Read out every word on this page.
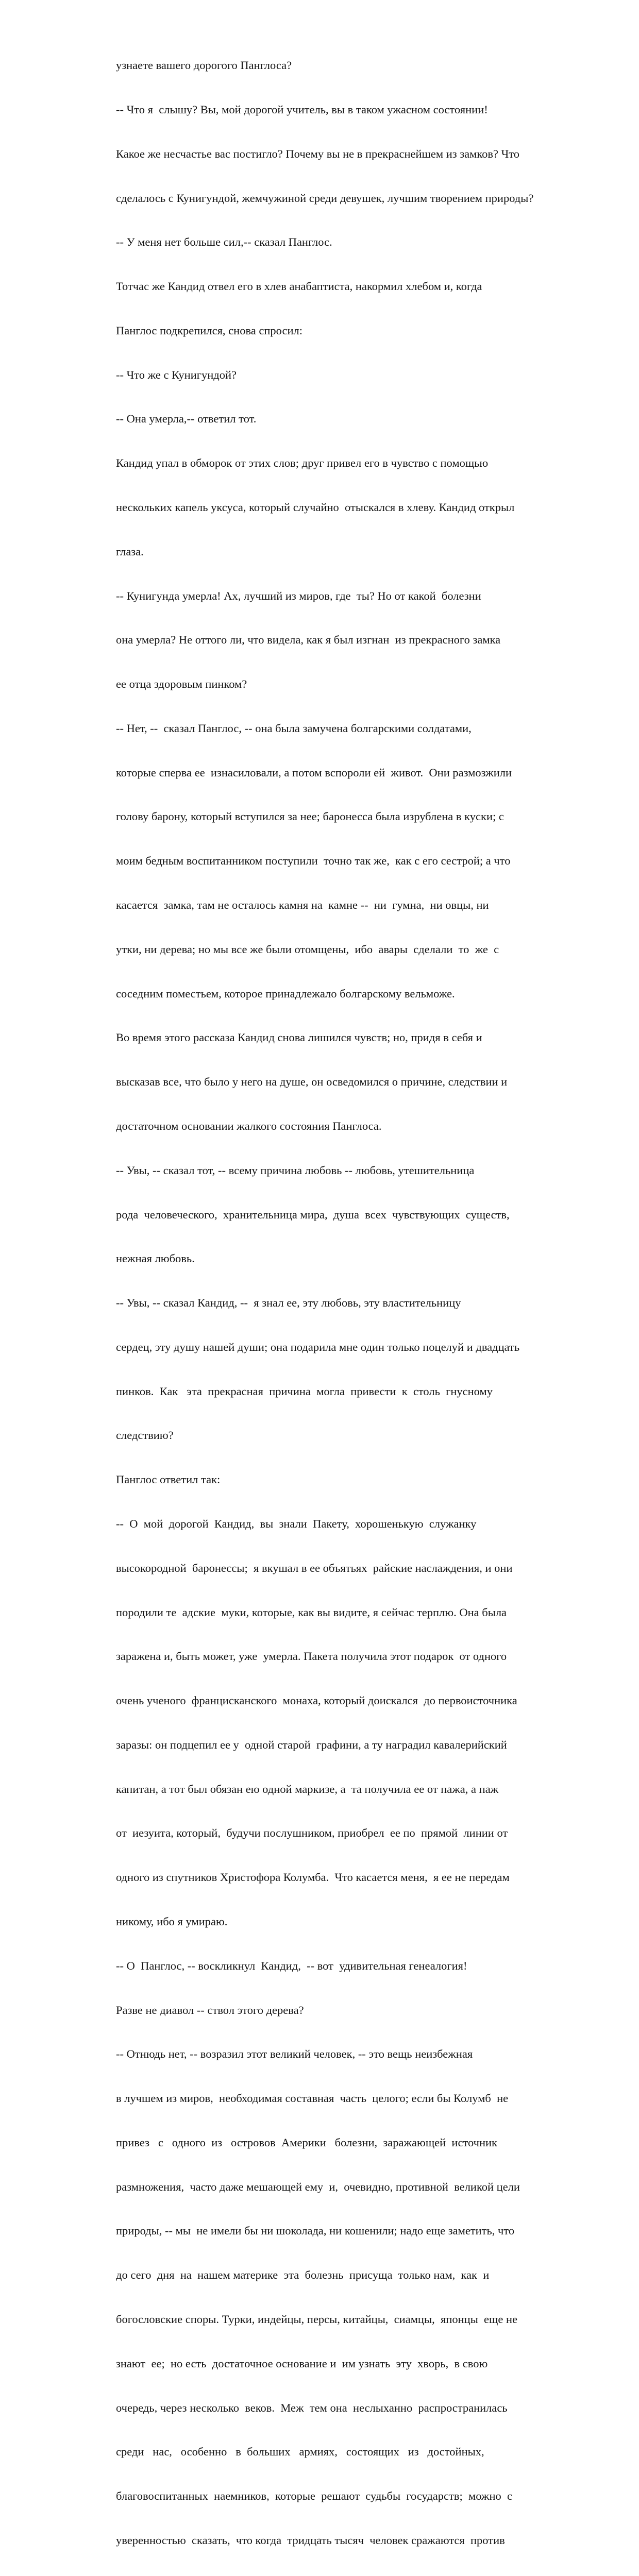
узнаете вашего дорогого Панглоса?

-- Что я  слышу? Вы, мой дорогой учитель, вы в таком ужасном состоянии!

Какое же несчастье вас постигло? Почему вы не в прекраснейшем из замков? Что

сделалось с Кунигундой, жемчужиной среди девушек, лучшим творением природы?

-- У меня нет больше сил,-- сказал Панглос.

Тотчас же Кандид отвел его в хлев анабаптиста, накормил хлебом и, когда

Панглос подкрепился, снова спросил:

-- Что же с Кунигундой?

-- Она умерла,-- ответил тот.

Кандид упал в обморок от этих слов; друг привел его в чувство с помощью

нескольких капель уксуса, который случайно  отыскался в хлеву. Кандид открыл

глаза.

-- Кунигунда умерла! Ах, лучший из миров, где  ты? Но от какой  болезни

она умерла? Не оттого ли, что видела, как я был изгнан  из прекрасного замка

ее отца здоровым пинком?

-- Нет, --  сказал Панглос, -- она была замучена болгарскими солдатами,

которые сперва ее  изнасиловали, а потом вспороли ей  живот.  Они размозжили

голову барону, который вступился за нее; баронесса была изрублена в куски; с

моим бедным воспитанником поступили  точно так же,  как с его сестрой; а что

касается  замка, там не осталось камня на  камне --  ни  гумна,  ни овцы, ни

утки, ни дерева; но мы все же были отомщены,  ибо  авары  сделали  то  же  с

соседним поместьем, которое принадлежало болгарскому вельможе.

Во время этого рассказа Кандид снова лишился чувств; но, придя в себя и

высказав все, что было у него на душе, он осведомился о причине, следствии и

достаточном основании жалкого состояния Панглоса.

-- Увы, -- сказал тот, -- всему причина любовь -- любовь, утешительница

рода  человеческого,  хранительница мира,  душа  всех  чувствующих  существ,

нежная любовь.

-- Увы, -- сказал Кандид, --  я знал ее, эту любовь, эту властительницу

сердец, эту душу нашей души; она подарила мне один только поцелуй и двадцать

пинков.  Как   эта  прекрасная  причина  могла  привести  к  столь  гнусному

следствию?

Панглос ответил так:

--  О  мой  дорогой  Кандид,  вы  знали  Пакету,  хорошенькую  служанку

высокородной  баронессы;  я вкушал в ее объятьях  райские наслаждения, и они

породили те  адские  муки, которые, как вы видите, я сейчас терплю. Она была

заражена и, быть может, уже  умерла. Пакета получила этот подарок  от одного

очень ученого  францисканского  монаха, который доискался  до первоисточника

заразы: он подцепил ее у  одной старой  графини, а ту наградил кавалерийский

капитан, а тот был обязан ею одной маркизе, а  та получила ее от пажа, а паж

от  иезуита, который,  будучи послушником, приобрел  ее по  прямой  линии от

одного из спутников Христофора Колумба.  Что касается меня,  я ее не передам

никому, ибо я умираю.

-- О  Панглос, -- воскликнул  Кандид,  -- вот  удивительная генеалогия!

Разве не диавол -- ствол этого дерева?

-- Отнюдь нет, -- возразил этот великий человек, -- это вещь неизбежная

в лучшем из миров,  необходимая составная  часть  целого; если бы Колумб  не

привез   с   одного  из   островов  Америки   болезни,  заражающей  источник

размножения,  часто даже мешающей ему  и,  очевидно, противной  великой цели

природы, -- мы  не имели бы ни шоколада, ни кошенили; надо еще заметить, что

до сего  дня  на  нашем материке  эта  болезнь  присуща  только нам,  как  и

богословские споры. Турки, индейцы, персы, китайцы,  сиамцы,  японцы  еще не

знают  ее;  но есть  достаточное основание и  им узнать  эту  хворь,  в свою

очередь, через несколько  веков.  Меж  тем она  неслыханно  распространилась

среди   нас,   особенно   в  больших   армиях,   состоящих   из   достойных,

благовоспитанных  наемников,  которые  решают  судьбы  государств;  можно  с

уверенностью  сказать,  что когда  тридцать тысяч  человек сражаются  против
